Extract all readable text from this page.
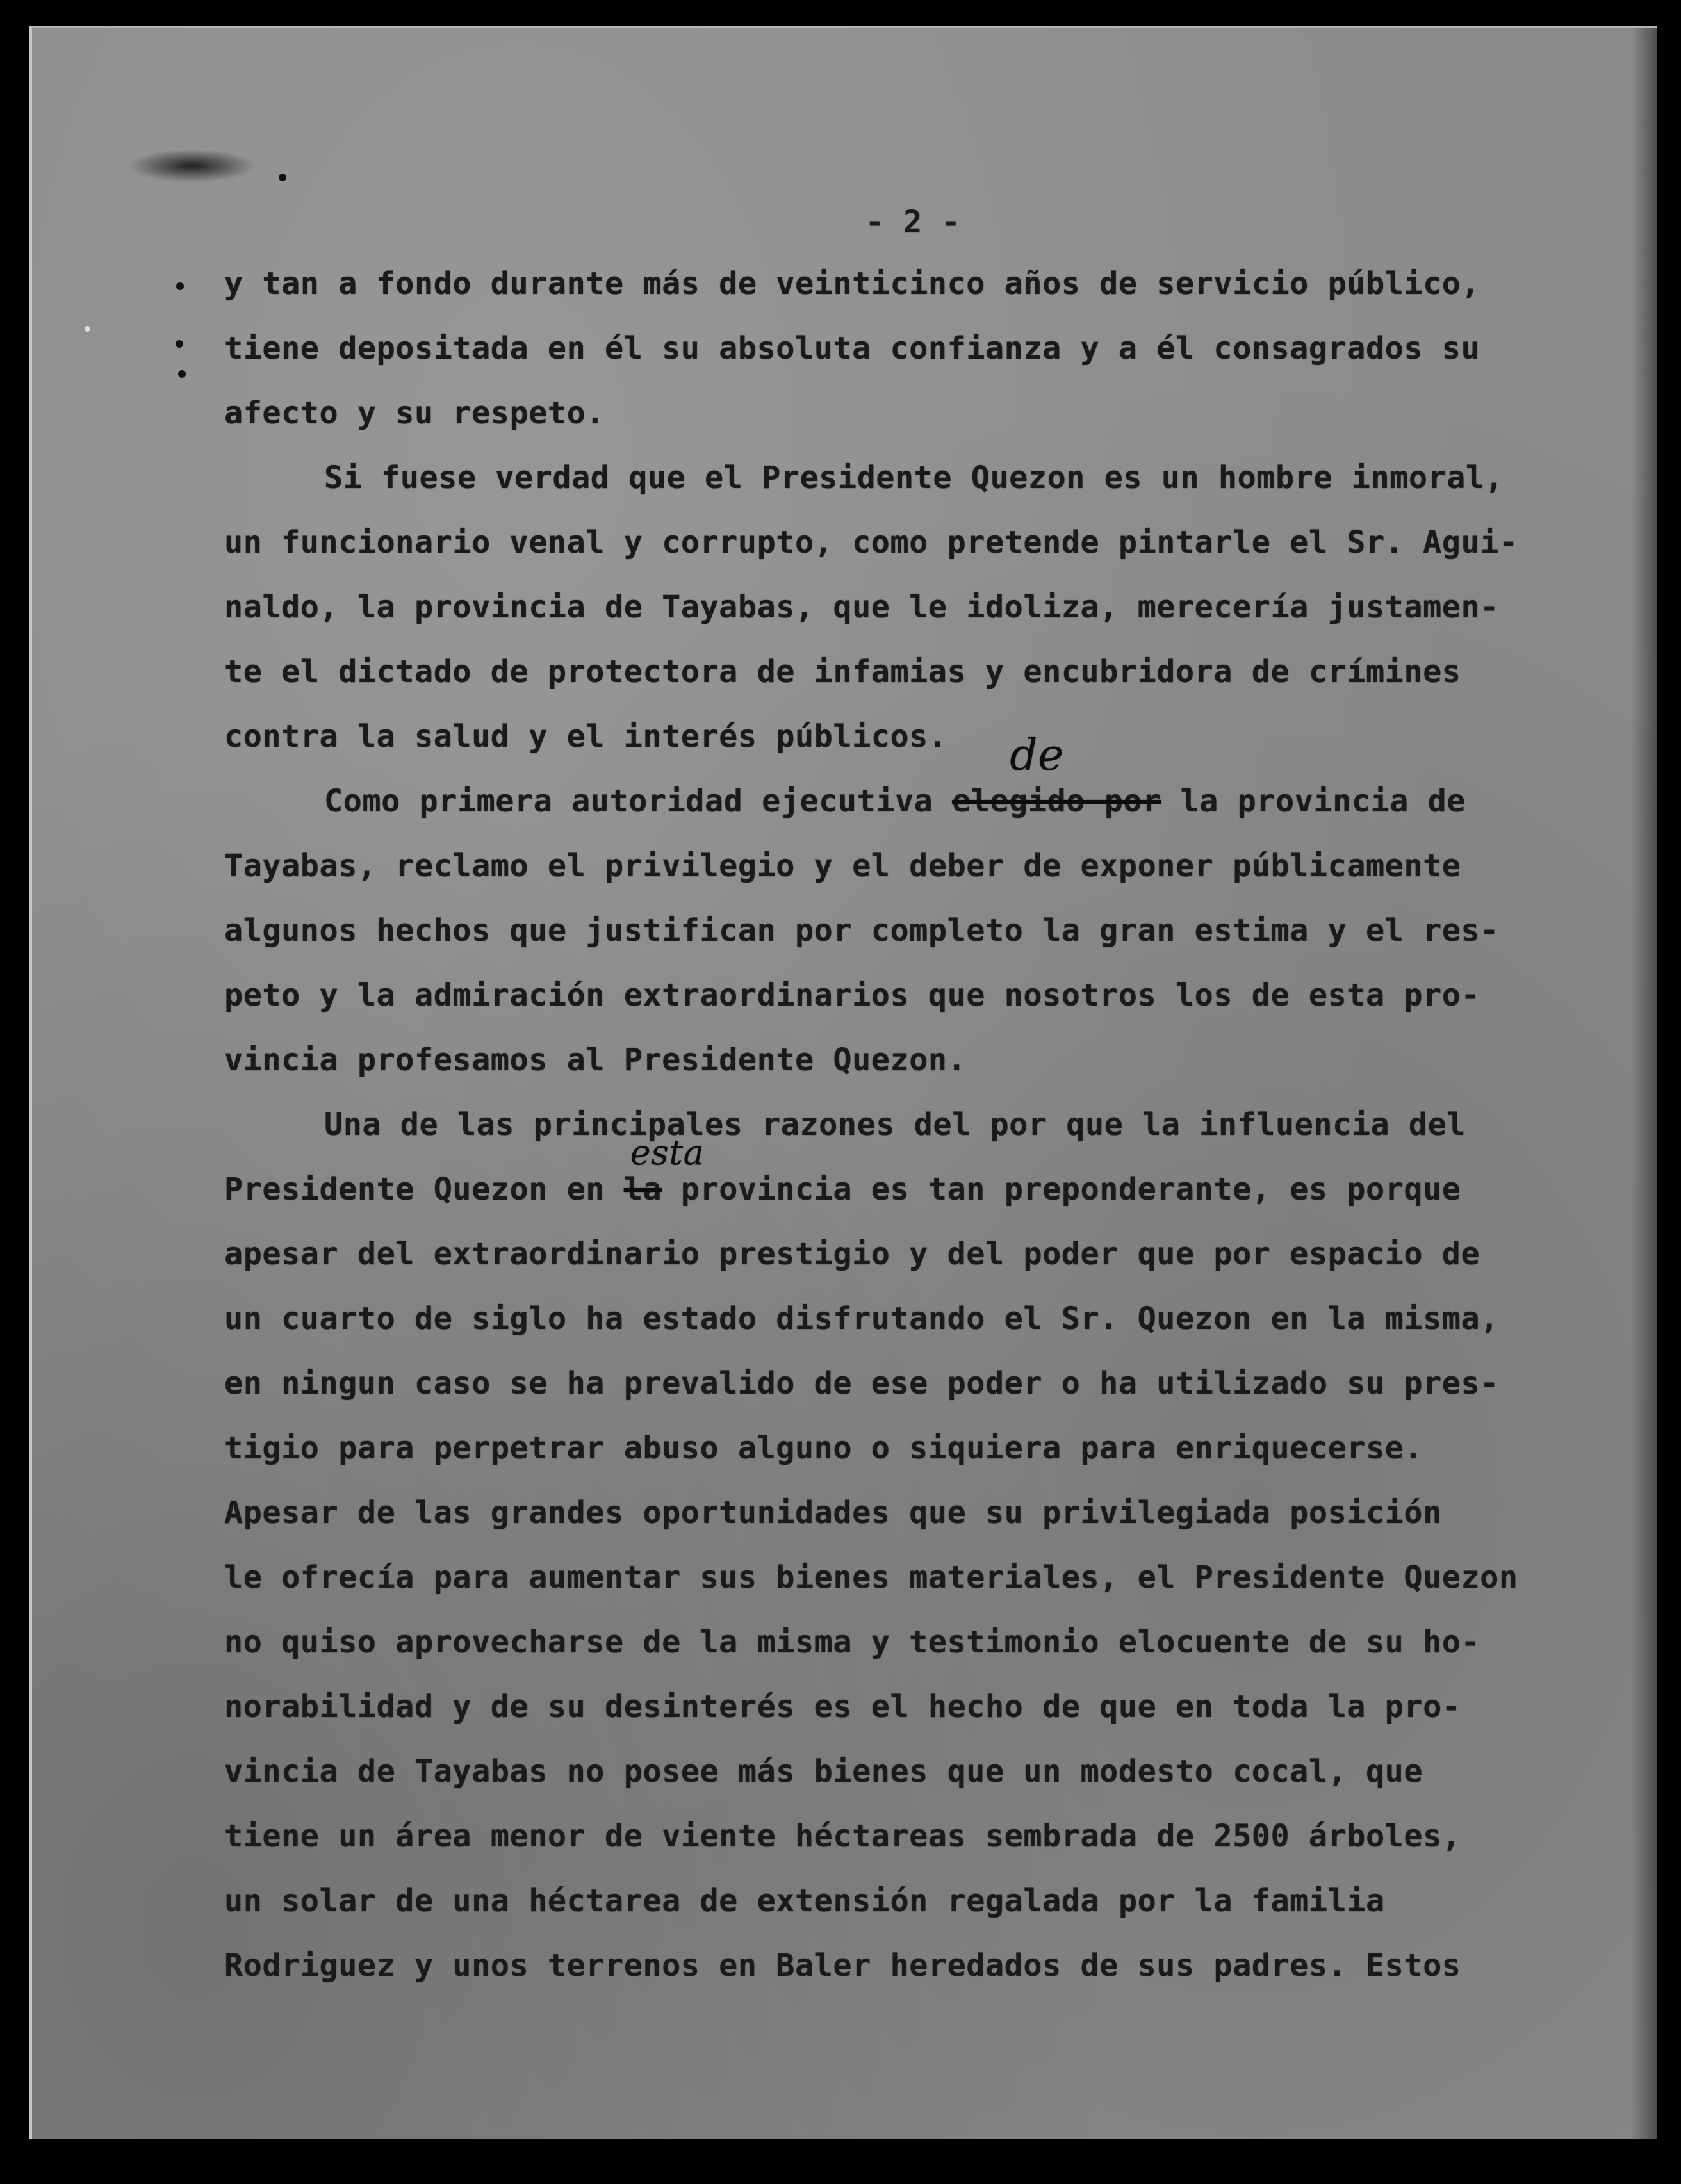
- 2 -
y tan a fondo durante más de veinticinco años de servicio público,
tiene depositada en él su absoluta confianza y a él consagrados su
afecto y su respeto.
Si fuese verdad que el Presidente Quezon es un hombre inmoral,
un funcionario venal y corrupto, como pretende pintarle el Sr. Agui-
naldo, la provincia de Tayabas, que le idoliza, merecería justamen-
te el dictado de protectora de infamias y encubridora de crímines
contra la salud y el interés públicos.
Como primera autoridad ejecutiva elegido por
de
la provincia de
Tayabas, reclamo el privilegio y el deber de exponer públicamente
algunos hechos que justifican por completo la gran estima y el res-
peto y la admiración extraordinarios que nosotros los de esta pro-
vincia profesamos al Presidente Quezon.
Una de las principales razones del por que la influencia del
Presidente Quezon en la
esta
provincia es tan preponderante, es porque
apesar del extraordinario prestigio y del poder que por espacio de
un cuarto de siglo ha estado disfrutando el Sr. Quezon en la misma,
en ningun caso se ha prevalido de ese poder o ha utilizado su pres-
tigio para perpetrar abuso alguno o siquiera para enriquecerse.
Apesar de las grandes oportunidades que su privilegiada posición
le ofrecía para aumentar sus bienes materiales, el Presidente Quezon
no quiso aprovecharse de la misma y testimonio elocuente de su ho-
norabilidad y de su desinterés es el hecho de que en toda la pro-
vincia de Tayabas no posee más bienes que un modesto cocal, que
tiene un área menor de viente héctareas sembrada de 2500 árboles,
un solar de una héctarea de extensión regalada por la familia
Rodriguez y unos terrenos en Baler heredados de sus padres. Estos
